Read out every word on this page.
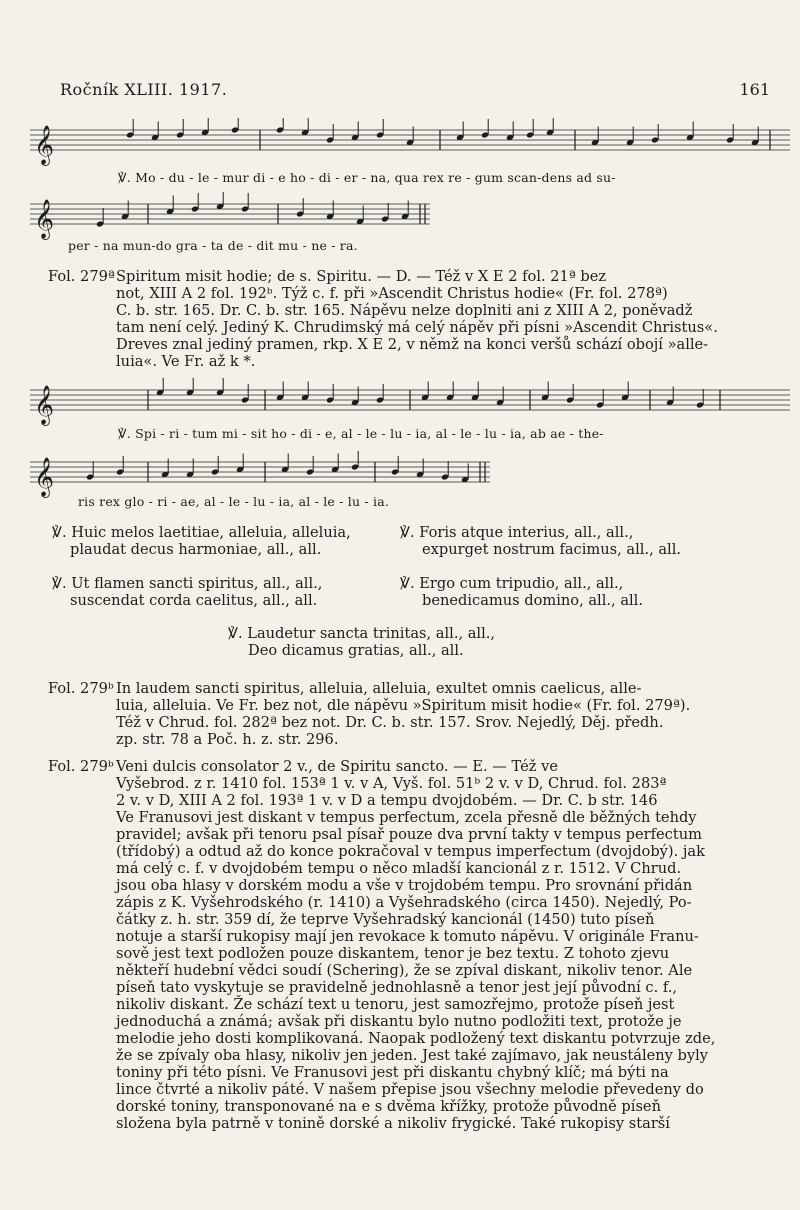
Ročník XLIII. 1917.	161
𝄞
℣. Mo - du - le - mur di - e ho - di - er - na, qua rex re - gum scan-dens ad su-
𝄞
per - na mun-do gra - ta de - dit mu - ne - ra.
Fol. 279ª Spiritum misit hodie; de s. Spiritu. — D. — Též v X E 2 fol. 21ª bez
not, XIII A 2 fol. 192ᵇ. Týž c. f. při »Ascendit Christus hodie« (Fr. fol. 278ª)
C. b. str. 165. Dr. C. b. str. 165. Nápěvu nelze doplniti ani z XIII A 2, poněvadž
tam není celý. Jediný K. Chrudimský má celý nápěv při písni »Ascendit Christus«.
Dreves znal jediný pramen, rkp. X E 2, v němž na konci veršů schází obojí »alle-
luia«. Ve Fr. až k *.
𝄞
℣. Spi - ri - tum mi - sit ho - di - e, al - le - lu - ia, al - le - lu - ia, ab ae - the-
𝄞
ris rex glo - ri - ae, al - le - lu - ia, al - le - lu - ia.
℣. Huic melos laetitiae, alleluia, alleluia,
plaudat decus harmoniae, all., all.
℣. Foris atque interius, all., all.,
expurget nostrum facimus, all., all.
℣. Ut flamen sancti spiritus, all., all.,
suscendat corda caelitus, all., all.
℣. Ergo cum tripudio, all., all.,
benedicamus domino, all., all.
℣. Laudetur sancta trinitas, all., all.,
Deo dicamus gratias, all., all.
Fol. 279ᵇ In laudem sancti spiritus, alleluia, alleluia, exultet omnis caelicus, alle-
luia, alleluia. Ve Fr. bez not, dle nápěvu »Spiritum misit hodie« (Fr. fol. 279ª).
Též v Chrud. fol. 282ª bez not. Dr. C. b. str. 157. Srov. Nejedlý, Děj. předh.
zp. str. 78 a Poč. h. z. str. 296.
Fol. 279ᵇ Veni dulcis consolator 2 v., de Spiritu sancto. — E. — Též ve
Vyšebrod. z r. 1410 fol. 153ª 1 v. v A, Vyš. fol. 51ᵇ 2 v. v D, Chrud. fol. 283ª
2 v. v D, XIII A 2 fol. 193ª 1 v. v D a tempu dvojdobém. — Dr. C. b str. 146
Ve Franusovi jest diskant v tempus perfectum, zcela přesně dle běžných tehdy
pravidel; avšak při tenoru psal písař pouze dva první takty v tempus perfectum
(třídobý) a odtud až do konce pokračoval v tempus imperfectum (dvojdobý). jak
má celý c. f. v dvojdobém tempu o něco mladší kancionál z r. 1512. V Chrud.
jsou oba hlasy v dorském modu a vše v trojdobém tempu. Pro srovnání přidán
zápis z K. Vyšehrodského (r. 1410) a Vyšehradského (circa 1450). Nejedlý, Po-
čátky z. h. str. 359 dí, že teprve Vyšehradský kancionál (1450) tuto píseň
notuje a starší rukopisy mají jen revokace k tomuto nápěvu. V originále Franu-
sově jest text podložen pouze diskantem, tenor je bez textu. Z tohoto zjevu
někteří hudební vědci soudí (Schering), že se zpíval diskant, nikoliv tenor. Ale
píseň tato vyskytuje se pravidelně jednohlasně a tenor jest její původní c. f.,
nikoliv diskant. Že schází text u tenoru, jest samozřejmo, protože píseň jest
jednoduchá a známá; avšak při diskantu bylo nutno podložiti text, protože je
melodie jeho dosti komplikovaná. Naopak podložený text diskantu potvrzuje zde,
že se zpívaly oba hlasy, nikoliv jen jeden. Jest také zajímavo, jak neustáleny byly
toniny při této písni. Ve Franusovi jest při diskantu chybný klíč; má býti na
lince čtvrté a nikoliv páté. V našem přepise jsou všechny melodie převedeny do
dorské toniny, transponované na e s dvěma křížky, protože původně píseň
složena byla patrně v tonině dorské a nikoliv frygické. Také rukopisy starší
